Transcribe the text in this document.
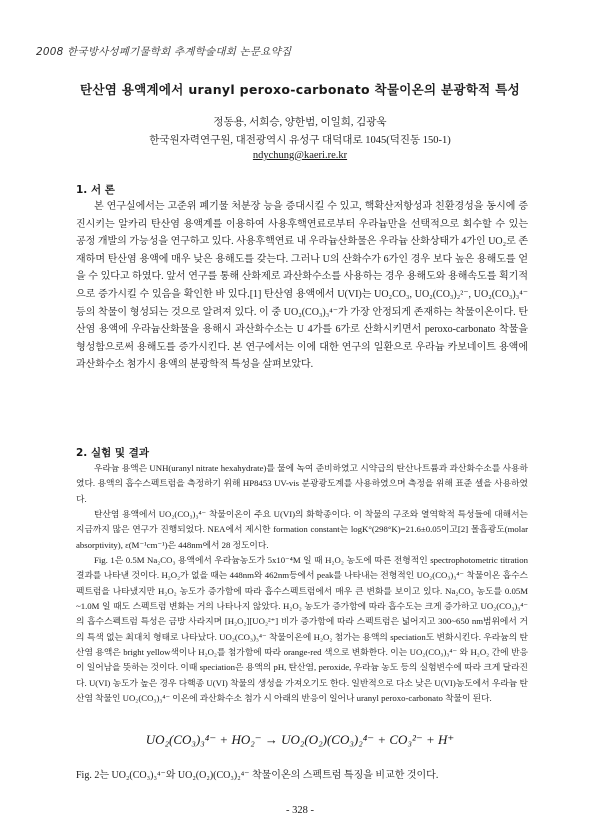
2008 한국방사성폐기물학회 추계학술대회 논문요약집
탄산염 용액계에서 uranyl peroxo-carbonato 착물이온의 분광학적 특성
정동용, 서희승, 양한범, 이일희, 김광욱
한국원자력연구원, 대전광역시 유성구 대덕대로 1045(덕진동 150-1)
ndychung@kaeri.re.kr
1. 서 론

본 연구실에서는 고준위 폐기물 처분장 능을 증대시킬 수 있고, 핵확산저항성과 친환경성을 동시에 증진시키는 알카리 탄산염 용액계를 이용하여 사용후핵연료로부터 우라늄만을 선택적으로 회수할 수 있는 공정 개발의 가능성을 연구하고 있다. 사용후핵연료 내 우라늄산화물은 우라늄 산화상태가 4가인 UO₂로 존재하며 탄산염 용액에 매우 낮은 용해도를 갖는다. 그러나 U의 산화수가 6가인 경우 보다 높은 용해도를 얻을 수 있다고 하였다. 앞서 연구를 통해 산화제로 과산화수소를 사용하는 경우 용해도와 용해속도를 획기적으로 증가시킬 수 있음을 확인한 바 있다.[1] 탄산염 용액에서 U(VI)는 UO₂CO₃, UO₂(CO₃)₂²⁻, UO₂(CO₃)₃⁴⁻ 등의 착물이 형성되는 것으로 알려져 있다. 이 중 UO₂(CO₃)₃⁴⁻가 가장 안정되게 존재하는 착물이온이다. 탄산염 용액에 우라늄산화물을 용해시 과산화수소는 U 4가를 6가로 산화시키면서 peroxo-carbonato 착물을 형성함으로써 용해도를 증가시킨다. 본 연구에서는 이에 대한 연구의 일환으로 우라늄 카보네이트 용액에 과산화수소 첨가시 용액의 분광학적 특성을 살펴보았다.

2. 실험 및 결과

우라늄 용액은 UNH(uranyl nitrate hexahydrate)를 물에 녹여 준비하였고 시약급의 탄산나트륨과 과산화수소를 사용하였다. 용액의 흡수스펙트럼을 측정하기 위해 HP8453 UV-vis 분광광도계를 사용하였으며 측정을 위해 표준 셀을 사용하였다.

탄산염 용액에서 UO₂(CO₃)₃⁴⁻ 착물이온이 주요 U(VI)의 화학종이다. 이 착물의 구조와 열역학적 특성들에 대해서는 지금까지 많은 연구가 진행되었다. NEA에서 제시한 formation constant는 logK°(298°K)=21.6±0.05이고[2] 몰흡광도(molar absorptivity), ε(M⁻¹cm⁻¹)은 448nm에서 28 정도이다.

Fig. 1은 0.5M Na₂CO₃ 용액에서 우라늄농도가 5x10⁻⁴M 일 때 H₂O₂ 농도에 따른 전형적인 spectrophotometric titration 결과를 나타낸 것이다. H₂O₂가 없을 때는 448nm와 462nm등에서 peak를 나타내는 전형적인 UO₂(CO₃)₃⁴⁻ 착물이온 흡수스펙트럼을 나타냈지만 H₂O₂ 농도가 증가함에 따라 흡수스펙트럼에서 매우 큰 변화를 보이고 있다. Na₂CO₃ 농도를 0.05M ~1.0M 일 때도 스펙트럼 변화는 거의 나타나지 않았다. H₂O₂ 농도가 증가함에 따라 흡수도는 크게 증가하고 UO₂(CO₃)₃⁴⁻의 흡수스펙트럼 특성은 금방 사라지며 [H₂O₂][UO₂²⁺] 비가 증가함에 따라 스펙트럼은 넓어지고 300~650 nm범위에서 거의 특색 없는 최대치 형태로 나타났다. UO₂(CO₃)₃⁴⁻ 착물이온에 H₂O₂ 첨가는 용액의 speciation도 변화시킨다. 우라늄의 탄산염 용액은 bright yellow색이나 H₂O₂를 첨가함에 따라 orange-red 색으로 변화한다. 이는 UO₂(CO₃)₃⁴⁻ 와 H₂O₂ 간에 반응이 일어남을 뜻하는 것이다. 이때 speciation은 용액의 pH, 탄산염, peroxide, 우라늄 농도 등의 실험변수에 따라 크게 달라진다. U(VI) 농도가 높은 경우 다핵종 U(VI) 착물의 생성을 가져오기도 한다. 일반적으로 다소 낮은 U(VI)농도에서 우라늄 탄산염 착물인 UO₂(CO₃)₃⁴⁻ 이온에 과산화수소 첨가 시 아래의 반응이 일어나 uranyl peroxo-carbonato 착물이 된다.

UO₂(CO₃)₃⁴⁻ + HO₂⁻ → UO₂(O₂)(CO₃)₂⁴⁻ + CO₃²⁻ + H⁺
Fig. 2는 UO₂(CO₃)₃⁴⁻와 UO₂(O₂)(CO₃)₂⁴⁻ 착물이온의 스펙트럼 특징을 비교한 것이다.
- 328 -
